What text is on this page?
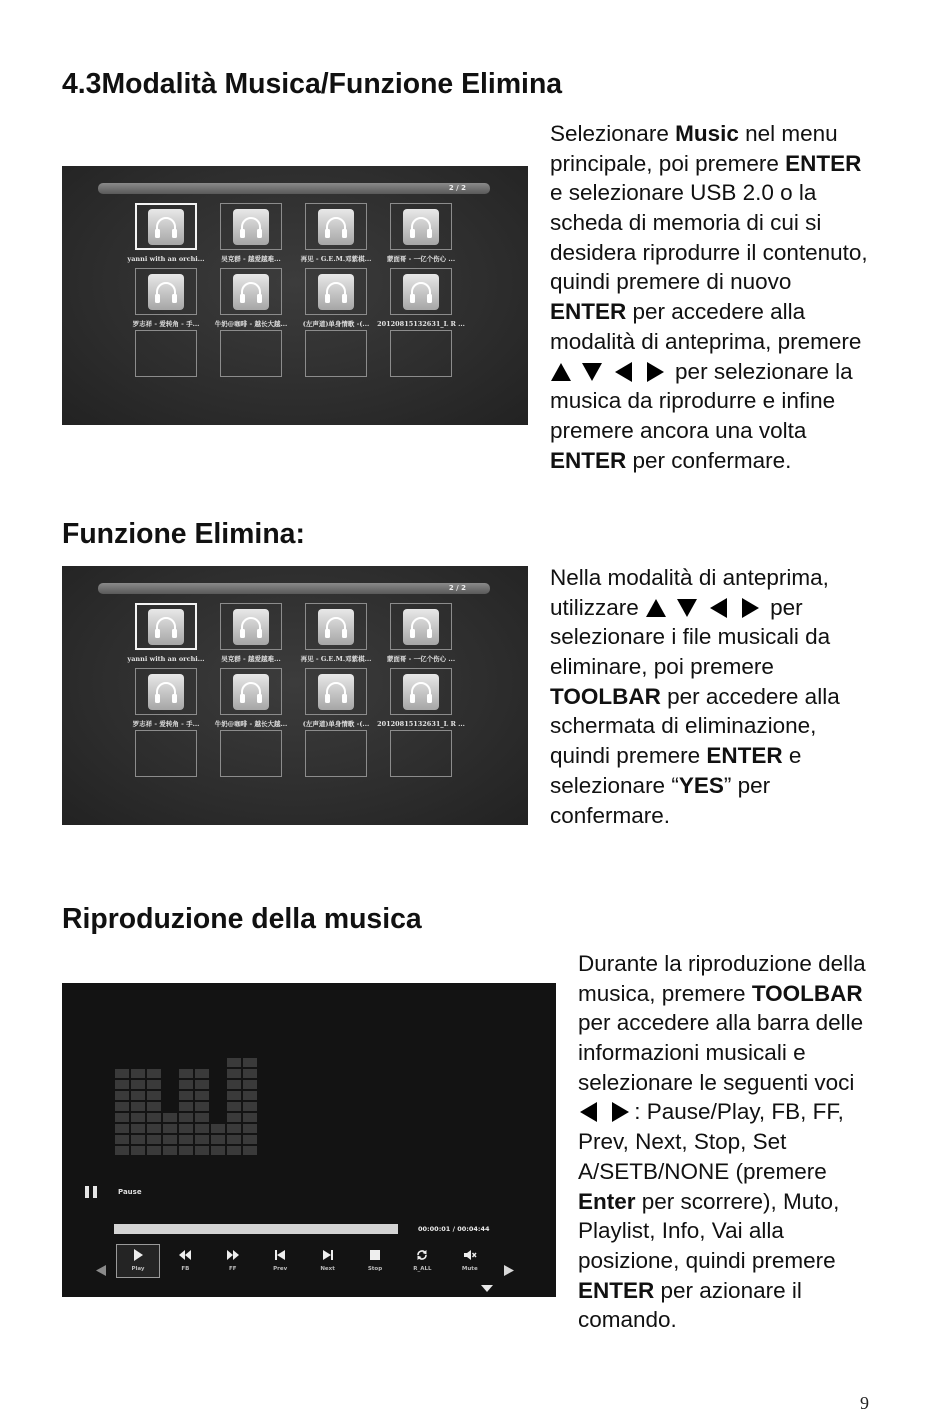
4.3Modalità Musica/Funzione Elimina
2 / 2
yanni with an orchi...	吴克群 - 越爱越难...	再见 - G.E.M.邓紫棋...	蒙面哥 - 一亿个伤心 ...
罗志祥 - 爱转角 - 手...	牛奶@咖啡 - 越长大越...	(左声道)单身情歌 -(...	20120815132631_L R ...
Selezionare Music nel menu
principale, poi premere ENTER
e selezionare USB 2.0 o la
scheda di memoria di cui si
desidera riprodurre il contenuto,
quindi premere di nuovo
ENTER per accedere alla
modalità di anteprima, premere

per selezionare la
musica da riprodurre e infine
premere ancora una volta
ENTER per confermare.
Funzione Elimina:
2 / 2
yanni with an orchi...	吴克群 - 越爱越难...	再见 - G.E.M.邓紫棋...	蒙面哥 - 一亿个伤心 ...
罗志祥 - 爱转角 - 手...	牛奶@咖啡 - 越长大越...	(左声道)单身情歌 -(...	20120815132631_L R ...
Nella modalità di anteprima,
utilizzare

	per
selezionare i file musicali da
eliminare, poi premere
TOOLBAR per accedere alla
schermata di eliminazione,
quindi premere ENTER e
selezionare “YES” per
confermare.
Riproduzione della musica
Pause
00:00:01 / 00:04:44
Play	FB	FF	Prev	Next	Stop	R_ALL	Mute
Durante la riproduzione della
musica, premere TOOLBAR
per accedere alla barra delle
informazioni musicali e
selezionare le seguenti voci

: Pause/Play, FB, FF,
Prev, Next, Stop, Set
A/SETB/NONE (premere
Enter per scorrere), Muto,
Playlist, Info, Vai alla
posizione, quindi premere
ENTER per azionare il
comando.
9
